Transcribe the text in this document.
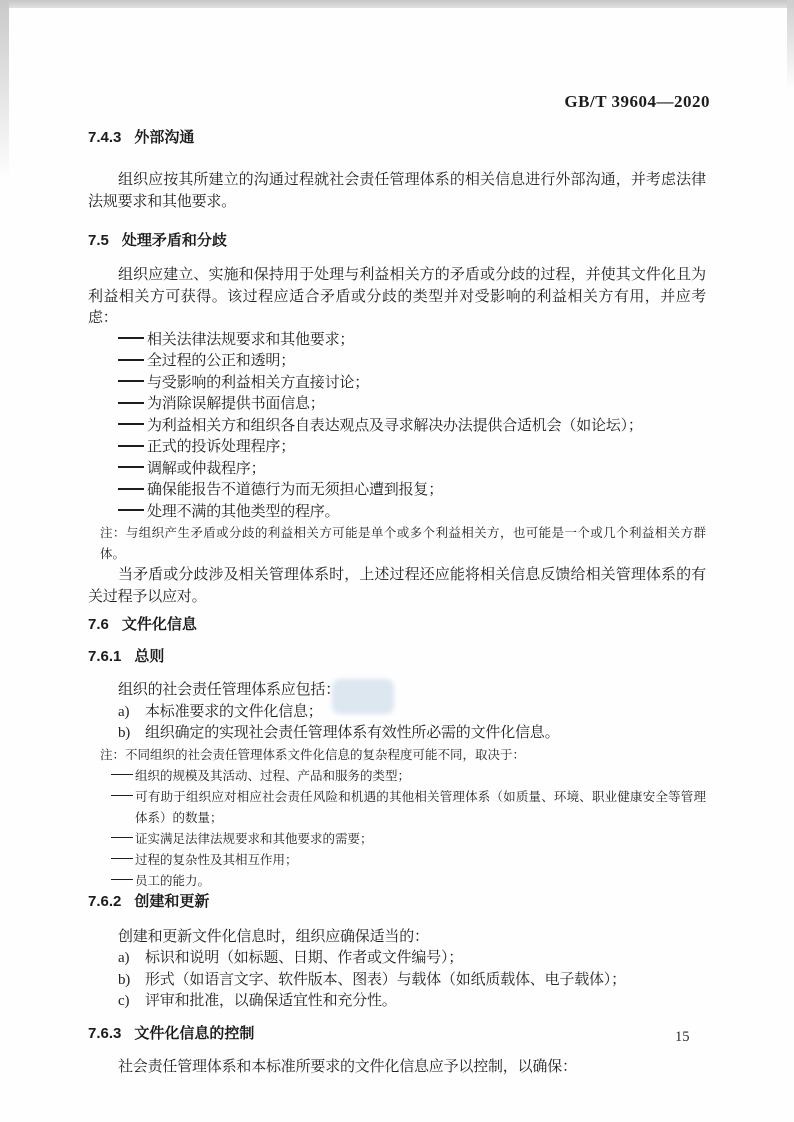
GB/T 39604—2020
7.4.3 外部沟通

组织应按其所建立的沟通过程就社会责任管理体系的相关信息进行外部沟通，并考虑法律法规要求和其他要求。

7.5 处理矛盾和分歧

组织应建立、实施和保持用于处理与利益相关方的矛盾或分歧的过程，并使其文件化且为利益相关方可获得。该过程应适合矛盾或分歧的类型并对受影响的利益相关方有用，并应考虑：

相关法律法规要求和其他要求；
全过程的公正和透明；
与受影响的利益相关方直接讨论；
为消除误解提供书面信息；
为利益相关方和组织各自表达观点及寻求解决办法提供合适机会（如论坛）；
正式的投诉处理程序；
调解或仲裁程序；
确保能报告不道德行为而无须担心遭到报复；
处理不满的其他类型的程序。
注：与组织产生矛盾或分歧的利益相关方可能是单个或多个利益相关方，也可能是一个或几个利益相关方群体。

当矛盾或分歧涉及相关管理体系时，上述过程还应能将相关信息反馈给相关管理体系的有关过程予以应对。

7.6 文件化信息
7.6.1 总则

组织的社会责任管理体系应包括：

a) 本标准要求的文件化信息；
b) 组织确定的实现社会责任管理体系有效性所必需的文件化信息。
注：不同组织的社会责任管理体系文件化信息的复杂程度可能不同，取决于：
组织的规模及其活动、过程、产品和服务的类型；
可有助于组织应对相应社会责任风险和机遇的其他相关管理体系（如质量、环境、职业健康安全等管理体系）的数量；
证实满足法律法规要求和其他要求的需要；
过程的复杂性及其相互作用；
员工的能力。
7.6.2 创建和更新

创建和更新文件化信息时，组织应确保适当的：

a) 标识和说明（如标题、日期、作者或文件编号）；
b) 形式（如语言文字、软件版本、图表）与载体（如纸质载体、电子载体）；
c) 评审和批准，以确保适宜性和充分性。
7.6.3 文件化信息的控制

社会责任管理体系和本标准所要求的文件化信息应予以控制，以确保：

15
